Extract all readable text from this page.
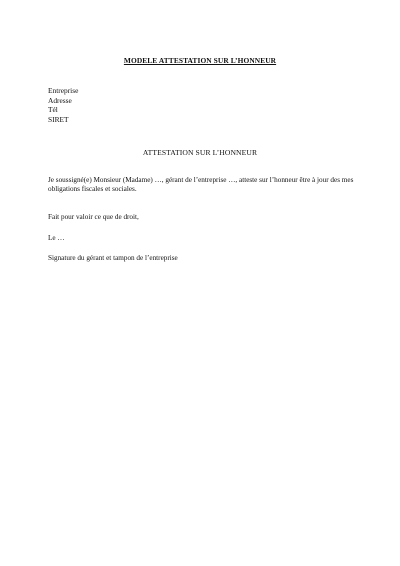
MODELE ATTESTATION SUR L’HONNEUR
Entreprise
Adresse
Tél
SIRET
ATTESTATION SUR L’HONNEUR
Je soussigné(e) Monsieur (Madame) …, gérant de l’entreprise …, atteste sur l’honneur être à jour des mes obligations fiscales et sociales.
Fait pour valoir ce que de droit,
Le …
Signature du gérant et tampon de l’entreprise
